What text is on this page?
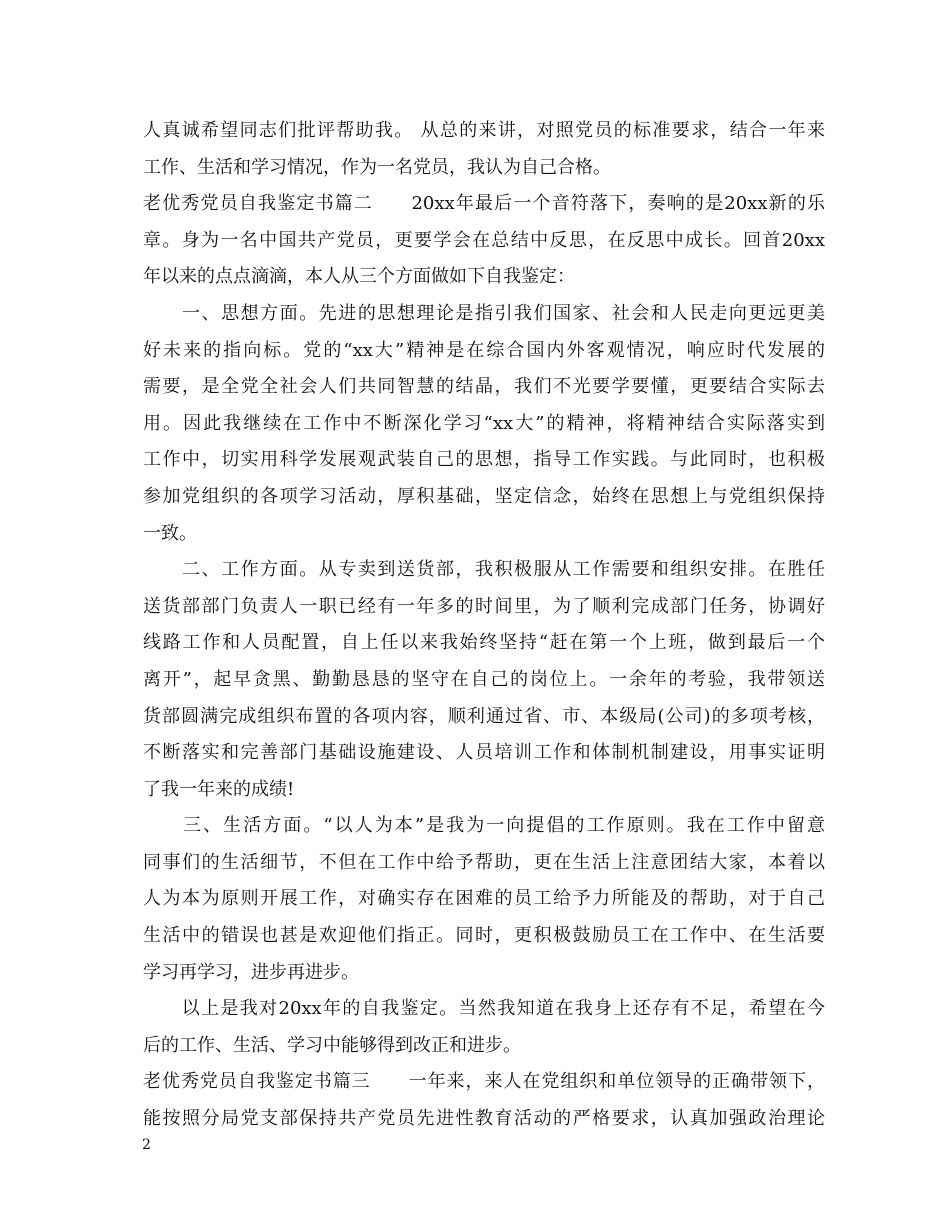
人真诚希望同志们批评帮助我。 从总的来讲，对照党员的标准要求，结合一年来
工作、生活和学习情况，作为一名党员，我认为自己合格。
老优秀党员自我鉴定书篇二　　20xx年最后一个音符落下，奏响的是20xx新的乐
章。身为一名中国共产党员，更要学会在总结中反思，在反思中成长。回首20xx
年以来的点点滴滴，本人从三个方面做如下自我鉴定：
　　一、思想方面。先进的思想理论是指引我们国家、社会和人民走向更远更美
好未来的指向标。党的“xx大”精神是在综合国内外客观情况，响应时代发展的
需要，是全党全社会人们共同智慧的结晶，我们不光要学要懂，更要结合实际去
用。因此我继续在工作中不断深化学习“xx大”的精神，将精神结合实际落实到
工作中，切实用科学发展观武装自己的思想，指导工作实践。与此同时，也积极
参加党组织的各项学习活动，厚积基础，坚定信念，始终在思想上与党组织保持
一致。
　　二、工作方面。从专卖到送货部，我积极服从工作需要和组织安排。在胜任
送货部部门负责人一职已经有一年多的时间里，为了顺利完成部门任务，协调好
线路工作和人员配置，自上任以来我始终坚持“赶在第一个上班，做到最后一个
离开”，起早贪黑、勤勤恳恳的坚守在自己的岗位上。一余年的考验，我带领送
货部圆满完成组织布置的各项内容，顺利通过省、市、本级局(公司)的多项考核，
不断落实和完善部门基础设施建设、人员培训工作和体制机制建设，用事实证明
了我一年来的成绩!
　　三、生活方面。“以人为本”是我为一向提倡的工作原则。我在工作中留意
同事们的生活细节，不但在工作中给予帮助，更在生活上注意团结大家，本着以
人为本为原则开展工作，对确实存在困难的员工给予力所能及的帮助，对于自己
生活中的错误也甚是欢迎他们指正。同时，更积极鼓励员工在工作中、在生活要
学习再学习，进步再进步。
　　以上是我对20xx年的自我鉴定。当然我知道在我身上还存有不足，希望在今
后的工作、生活、学习中能够得到改正和进步。
老优秀党员自我鉴定书篇三　　一年来，来人在党组织和单位领导的正确带领下，
能按照分局党支部保持共产党员先进性教育活动的严格要求，认真加强政治理论
2
